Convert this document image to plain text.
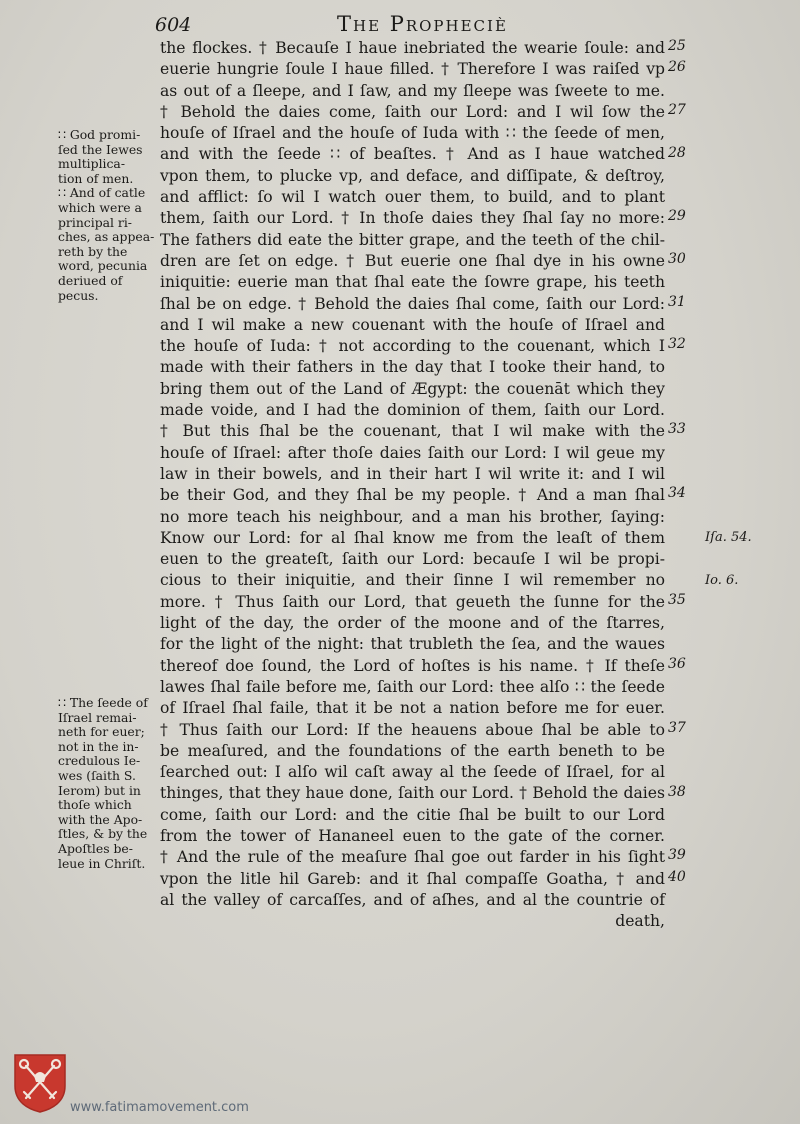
604	The Propheciè
∷ God promi-
ſed the Iewes
multiplica-
tion of men.
∷ And of catle
which were a
principal ri-
ches, as appea-
reth by the
word, pecunia
deriued of
pecus.
∷ The ſeede of
Iſrael remai-
neth for euer;
not in the in-
credulous Ie-
wes (ſaith S.
Ierom) but in
thoſe which
with the Apo-
ſtles, & by the
Apoſtles be-
leue in Chriſt.
the flockes. † Becauſe I haue inebriated the wearie ſoule: and
euerie hungrie ſoule I haue filled. † Therefore I was raiſed vp
as out of a ſleepe, and I ſaw, and my ſleepe was ſweete to me.
† Behold the daies come, ſaith our Lord: and I wil ſow the
houſe of Iſrael and the houſe of Iuda with ∷ the ſeede of men,
and with the ſeede ∷ of beaſtes. † And as I haue watched
vpon them, to plucke vp, and deface, and diſſipate, & deſtroy,
and afflict: ſo wil I watch ouer them, to build, and to plant
them, ſaith our Lord. † In thoſe daies they ſhal ſay no more:
The fathers did eate the bitter grape, and the teeth of the chil-
dren are ſet on edge. † But euerie one ſhal dye in his owne
iniquitie: euerie man that ſhal eate the ſowre grape, his teeth
ſhal be on edge. † Behold the daies ſhal come, ſaith our Lord:
and I wil make a new couenant with the houſe of Iſrael and
the houſe of Iuda: † not according to the couenant, which I
made with their fathers in the day that I tooke their hand, to
bring them out of the Land of Ægypt: the couenāt which they
made voide, and I had the dominion of them, ſaith our Lord.
† But this ſhal be the couenant, that I wil make with the
houſe of Iſrael: after thoſe daies ſaith our Lord: I wil geue my
law in their bowels, and in their hart I wil write it: and I wil
be their God, and they ſhal be my people. † And a man ſhal
no more teach his neighbour, and a man his brother, ſaying:
Know our Lord: for al ſhal know me from the leaſt of them
euen to the greateſt, ſaith our Lord: becauſe I wil be propi-
cious to their iniquitie, and their ſinne I wil remember no
more. † Thus ſaith our Lord, that geueth the ſunne for the
light of the day, the order of the moone and of the ſtarres,
for the light of the night: that trubleth the ſea, and the waues
thereof doe ſound, the Lord of hoſtes is his name. † If theſe
lawes ſhal faile before me, ſaith our Lord: thee alſo ∷ the ſeede
of Iſrael ſhal faile, that it be not a nation before me for euer.
† Thus ſaith our Lord: If the heauens aboue ſhal be able to
be meaſured, and the foundations of the earth beneth to be
ſearched out: I alſo wil caſt away al the ſeede of Iſrael, for al
thinges, that they haue done, ſaith our Lord. † Behold the daies
come, ſaith our Lord: and the citie ſhal be built to our Lord
from the tower of Hananeel euen to the gate of the corner.
† And the rule of the meaſure ſhal goe out farder in his ſight
vpon the litle hil Gareb: and it ſhal compaſſe Goatha, † and
al the valley of carcaſſes, and of aſhes, and al the countrie of
death,
25
26
27
28
29
30
31
32
33
34
35
36
37
38
39
40
Iſa. 54.
Io. 6.
www.fatimamovement.com
